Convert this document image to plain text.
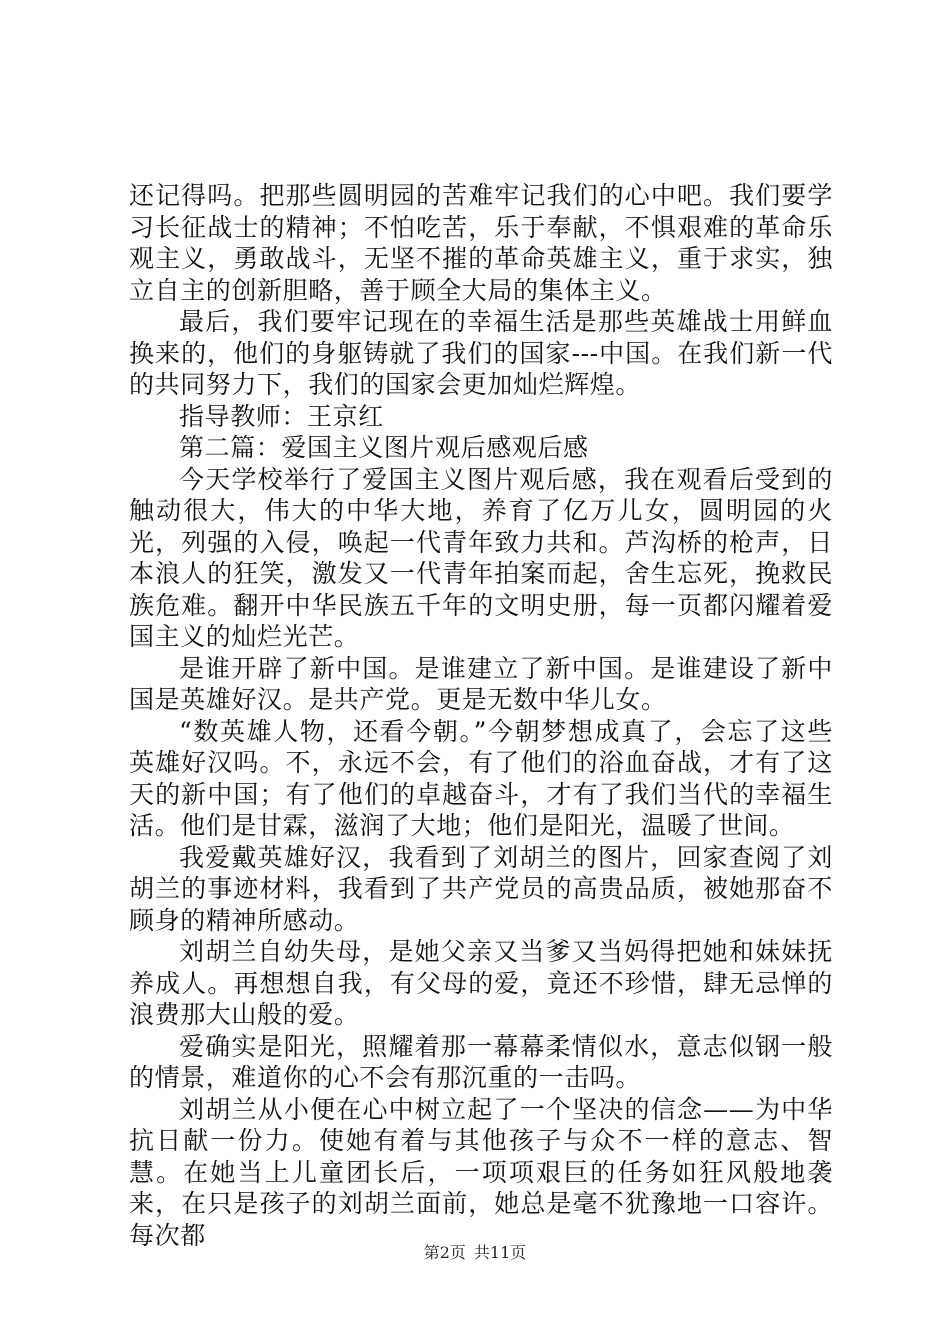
还记得吗。把那些圆明园的苦难牢记我们的心中吧。我们要学习长征战士的精神；不怕吃苦，乐于奉献，不惧艰难的革命乐观主义，勇敢战斗，无坚不摧的革命英雄主义，重于求实，独立自主的创新胆略，善于顾全大局的集体主义。

最后，我们要牢记现在的幸福生活是那些英雄战士用鲜血换来的，他们的身躯铸就了我们的国家---中国。在我们新一代的共同努力下，我们的国家会更加灿烂辉煌。

指导教师：王京红

第二篇：爱国主义图片观后感观后感

今天学校举行了爱国主义图片观后感，我在观看后受到的触动很大，伟大的中华大地，养育了亿万儿女，圆明园的火光，列强的入侵，唤起一代青年致力共和。芦沟桥的枪声，日本浪人的狂笑，激发又一代青年拍案而起，舍生忘死，挽救民族危难。翻开中华民族五千年的文明史册，每一页都闪耀着爱国主义的灿烂光芒。

是谁开辟了新中国。是谁建立了新中国。是谁建设了新中国是英雄好汉。是共产党。更是无数中华儿女。

“数英雄人物，还看今朝。”今朝梦想成真了，会忘了这些英雄好汉吗。不，永远不会，有了他们的浴血奋战，才有了这天的新中国；有了他们的卓越奋斗，才有了我们当代的幸福生活。他们是甘霖，滋润了大地；他们是阳光，温暖了世间。

我爱戴英雄好汉，我看到了刘胡兰的图片，回家查阅了刘胡兰的事迹材料，我看到了共产党员的高贵品质，被她那奋不顾身的精神所感动。

刘胡兰自幼失母，是她父亲又当爹又当妈得把她和妹妹抚养成人。再想想自我，有父母的爱，竟还不珍惜，肆无忌惮的浪费那大山般的爱。

爱确实是阳光，照耀着那一幕幕柔情似水，意志似钢一般的情景，难道你的心不会有那沉重的一击吗。

刘胡兰从小便在心中树立起了一个坚决的信念——为中华抗日献一份力。使她有着与其他孩子与众不一样的意志、智慧。在她当上儿童团长后，一项项艰巨的任务如狂风般地袭来，在只是孩子的刘胡兰面前，她总是毫不犹豫地一口容许。每次都

第2页 共11页
